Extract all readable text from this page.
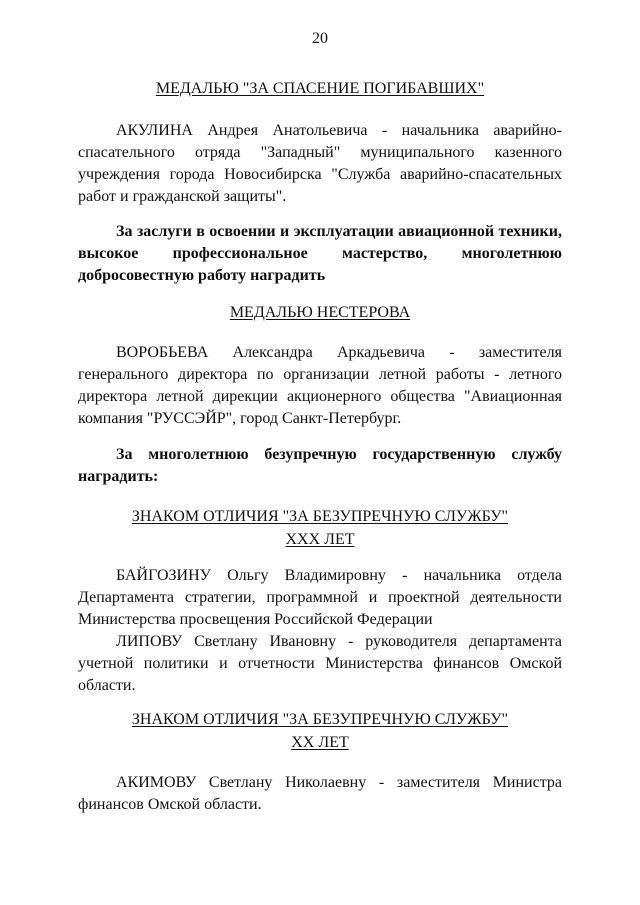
20
МЕДАЛЬЮ "ЗА СПАСЕНИЕ ПОГИБАВШИХ"

АКУЛИНА Андрея Анатольевича - начальника аварийно-спасательного отряда "Западный" муниципального казенного учреждения города Новосибирска "Служба аварийно-спасательных работ и гражданской защиты".

За заслуги в освоении и эксплуатации авиационной техники, высокое профессиональное мастерство, многолетнюю добросовестную работу наградить

МЕДАЛЬЮ НЕСТЕРОВА

ВОРОБЬЕВА Александра Аркадьевича - заместителя генерального директора по организации летной работы - летного директора летной дирекции акционерного общества "Авиационная компания "РУССЭЙР", город Санкт-Петербург.

За многолетнюю безупречную государственную службу наградить:

ЗНАКОМ ОТЛИЧИЯ "ЗА БЕЗУПРЕЧНУЮ СЛУЖБУ"
XXX ЛЕТ

БАЙГОЗИНУ Ольгу Владимировну - начальника отдела Департамента стратегии, программной и проектной деятельности Министерства просвещения Российской Федерации

ЛИПОВУ Светлану Ивановну - руководителя департамента учетной политики и отчетности Министерства финансов Омской области.

ЗНАКОМ ОТЛИЧИЯ "ЗА БЕЗУПРЕЧНУЮ СЛУЖБУ"
XX ЛЕТ

АКИМОВУ Светлану Николаевну - заместителя Министра финансов Омской области.
